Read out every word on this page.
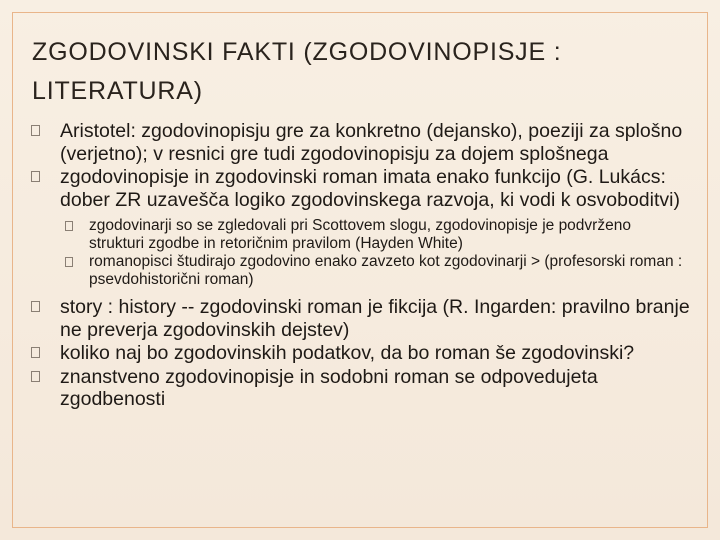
ZGODOVINSKI FAKTI (ZGODOVINOPISJE : LITERATURA)
Aristotel: zgodovinopisju gre za konkretno (dejansko), poeziji za splošno (verjetno); v resnici gre tudi zgodovinopisju za dojem splošnega
zgodovinopisje in zgodovinski roman imata enako funkcijo (G. Lukács: dober ZR uzavešča logiko zgodovinskega razvoja, ki vodi k osvoboditvi)
zgodovinarji so se zgledovali pri Scottovem slogu, zgodovinopisje je podvrženo strukturi zgodbe in retoričnim pravilom (Hayden White)
romanopisci študirajo zgodovino enako zavzeto kot zgodovinarji > (profesorski roman : psevdohistorični roman)
story : history -- zgodovinski roman je fikcija (R. Ingarden: pravilno branje ne preverja zgodovinskih dejstev)
koliko naj bo zgodovinskih podatkov, da bo roman še zgodovinski?
znanstveno zgodovinopisje in sodobni roman se odpovedujeta zgodbenosti
